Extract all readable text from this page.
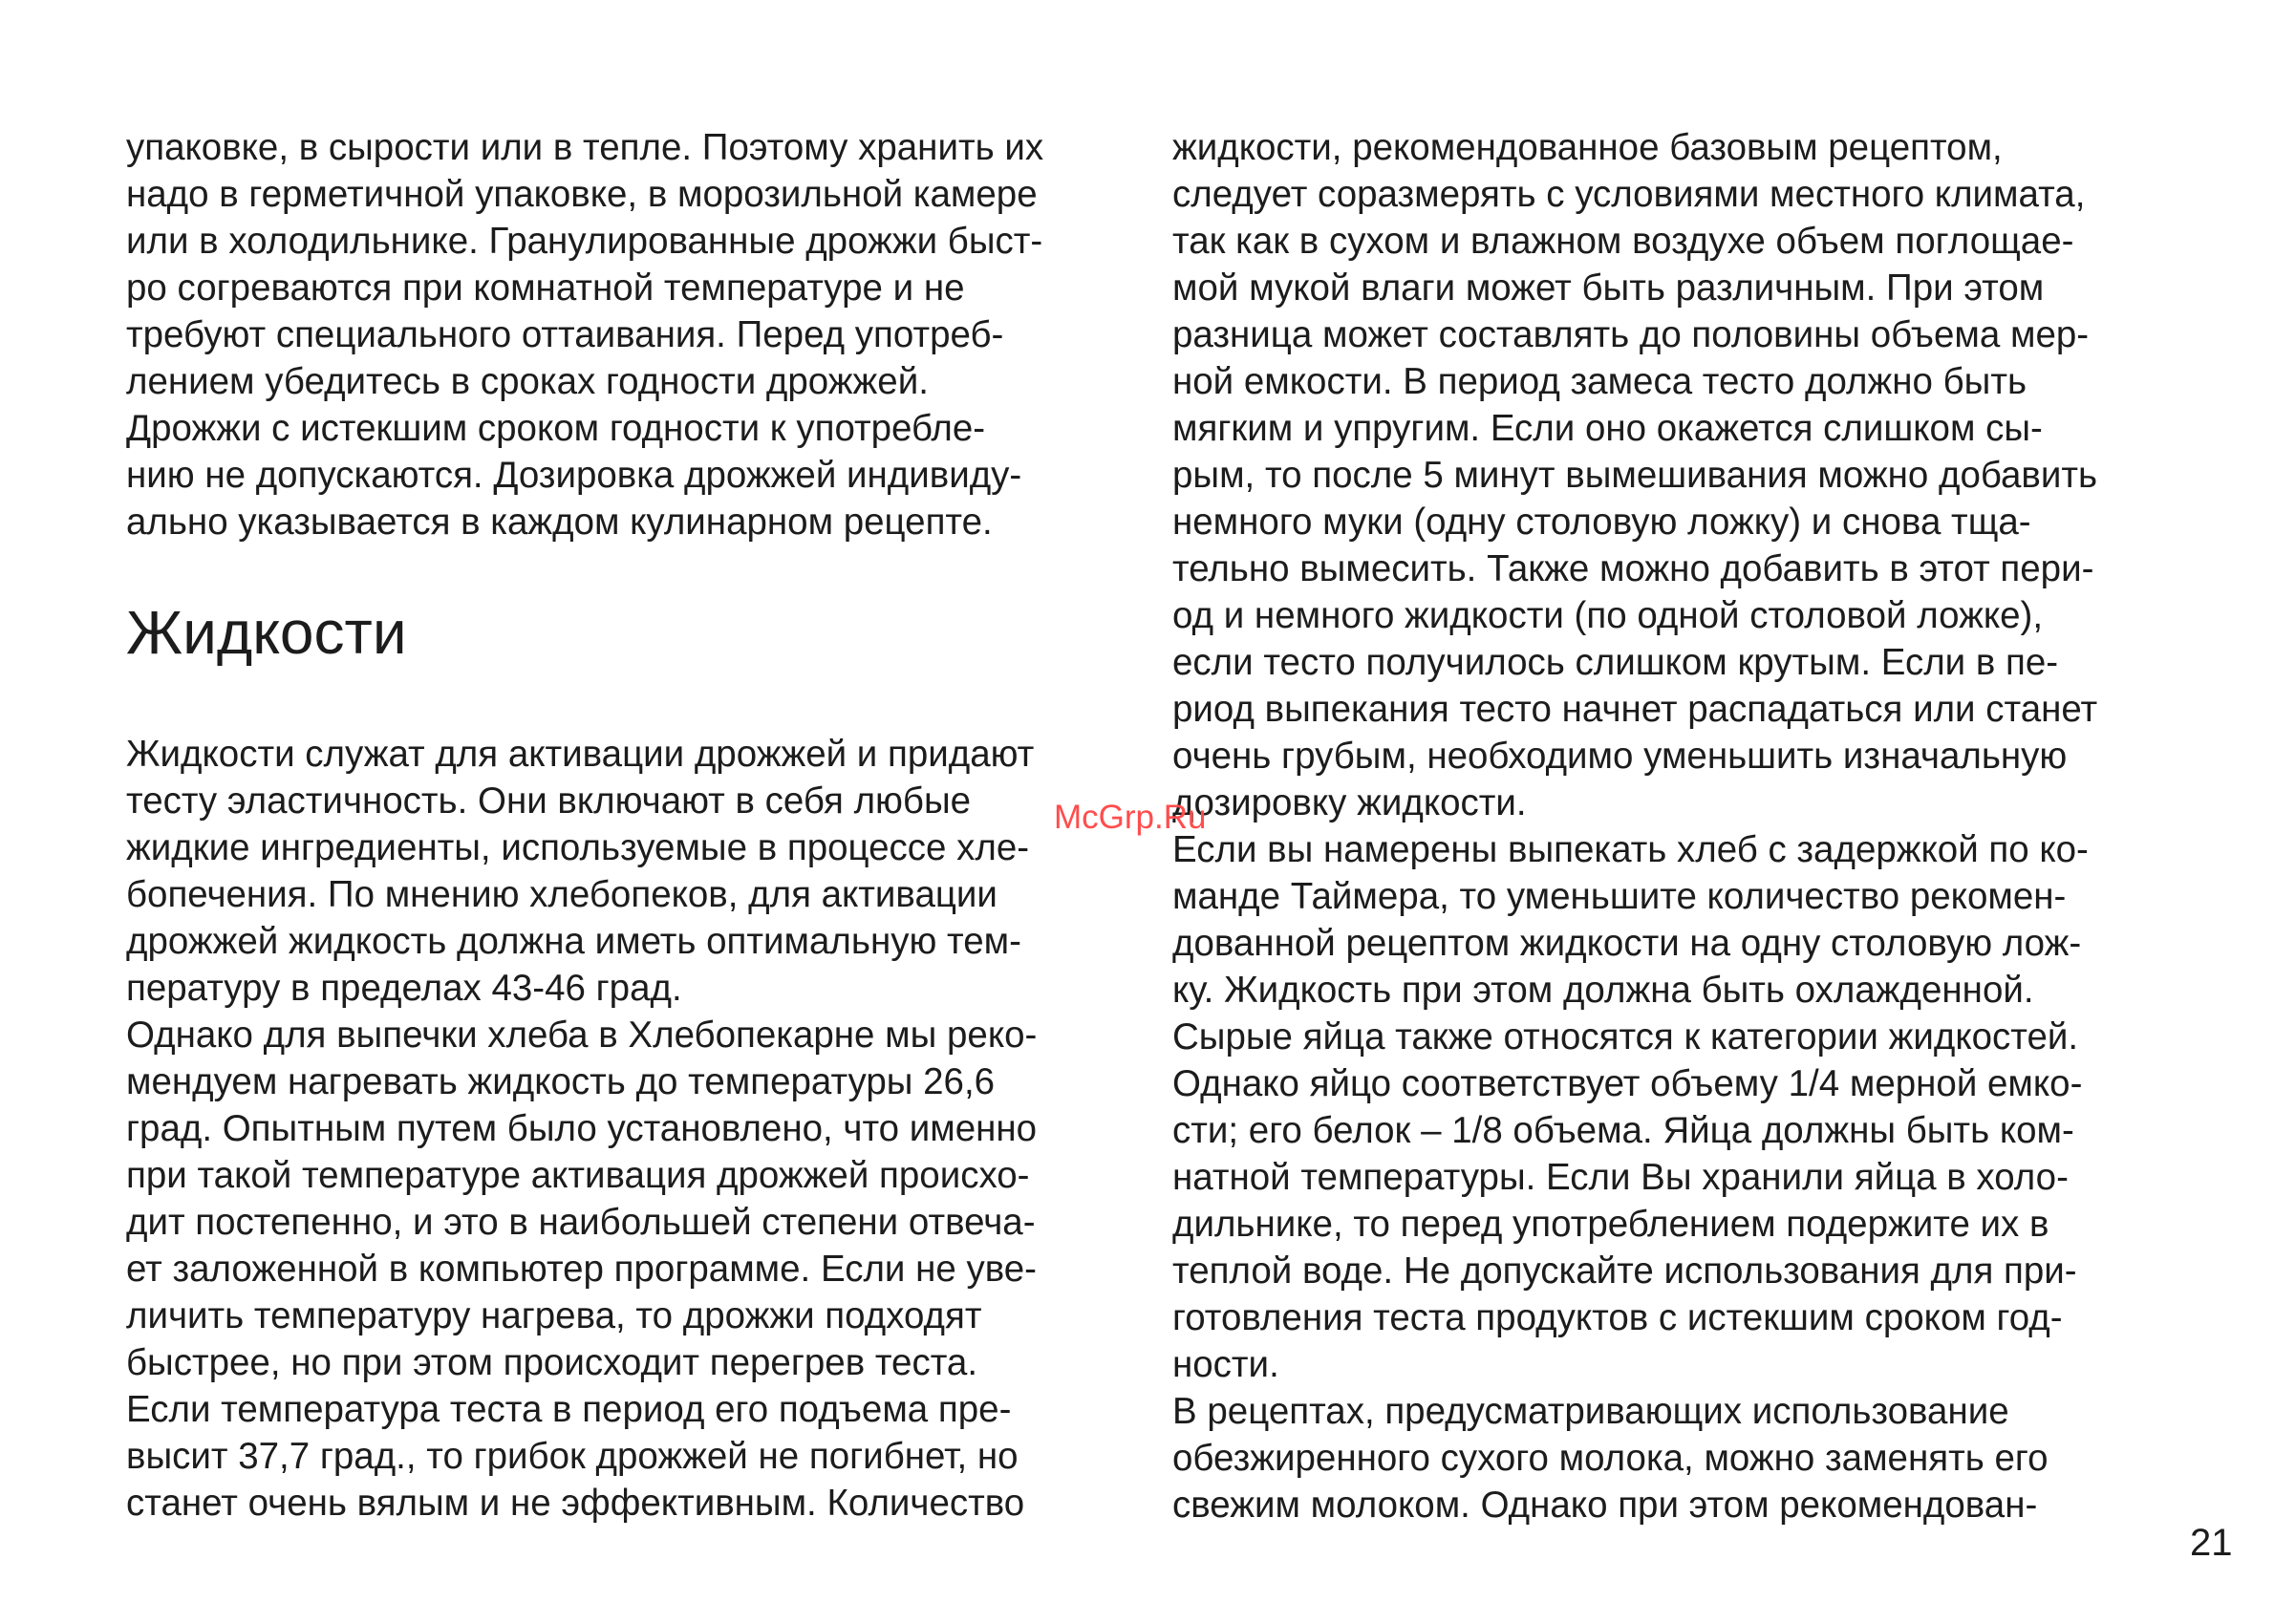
упаковке, в сырости или в тепле. Поэтому хранить их
надо в герметичной упаковке, в морозильной камере
или в холодильнике. Гранулированные дрожжи быст-
ро согреваются при комнатной температуре и не
требуют специального оттаивания. Перед употреб-
лением убедитесь в сроках годности дрожжей.
Дрожжи с истекшим сроком годности к употребле-
нию не допускаются. Дозировка дрожжей индивиду-
ально указывается в каждом кулинарном рецепте.
Жидкости
Жидкости служат для активации дрожжей и придают
тесту эластичность. Они включают в себя любые
жидкие ингредиенты, используемые в процессе хле-
бопечения. По мнению хлебопеков, для активации
дрожжей жидкость должна иметь оптимальную тем-
пературу в пределах 43-46 град.
Однако для выпечки хлеба в Хлебопекарне мы реко-
мендуем нагревать жидкость до температуры 26,6
град. Опытным путем было установлено, что именно
при такой температуре активация дрожжей происхо-
дит постепенно, и это в наибольшей степени отвеча-
ет заложенной в компьютер программе. Если не уве-
личить температуру нагрева, то дрожжи подходят
быстрее, но при этом происходит перегрев теста.
Если температура теста в период его подъема пре-
высит 37,7 град., то грибок дрожжей не погибнет, но
станет очень вялым и не эффективным. Количество
жидкости, рекомендованное базовым рецептом,
следует соразмерять с условиями местного климата,
так как в сухом и влажном воздухе объем поглощае-
мой мукой влаги может быть различным. При этом
разница может составлять до половины объема мер-
ной емкости. В период замеса тесто должно быть
мягким и упругим. Если оно окажется слишком сы-
рым, то после 5 минут вымешивания можно добавить
немного муки (одну столовую ложку) и снова тща-
тельно вымесить. Также можно добавить в этот пери-
од и немного жидкости (по одной столовой ложке),
если тесто получилось слишком крутым. Если в пе-
риод выпекания тесто начнет распадаться или станет
очень грубым, необходимо уменьшить изначальную
дозировку жидкости.
Если вы намерены выпекать хлеб с задержкой по ко-
манде Таймера, то уменьшите количество рекомен-
дованной рецептом жидкости на одну столовую лож-
ку. Жидкость при этом должна быть охлажденной.
Сырые яйца также относятся к категории жидкостей.
Однако яйцо соответствует объему 1/4 мерной емко-
сти; его белок – 1/8 объема. Яйца должны быть ком-
натной температуры. Если Вы хранили яйца в холо-
дильнике, то перед употреблением подержите их в
теплой воде. Не допускайте использования для при-
готовления теста продуктов с истекшим сроком год-
ности.
В рецептах, предусматривающих использование
обезжиренного сухого молока, можно заменять его
свежим молоком. Однако при этом рекомендован-
McGrp.Ru
21
